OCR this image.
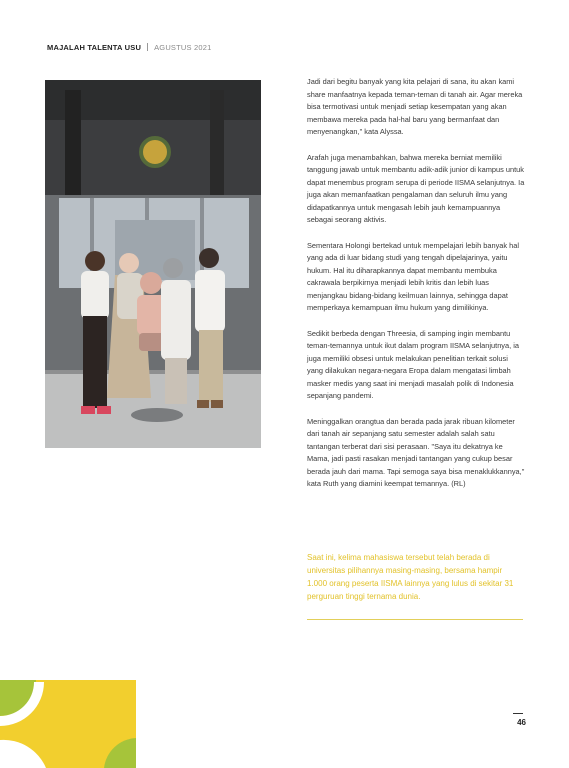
MAJALAH TALENTA USU AGUSTUS 2021

Jadi dari begitu banyak yang kita pelajari di sana, itu akan kami share manfaatnya kepada teman-teman di tanah air. Agar mereka bisa termotivasi untuk menjadi setiap kesempatan yang akan membawa mereka pada hal-hal baru yang bermanfaat dan menyenangkan," kata Alyssa.

Arafah juga menambahkan, bahwa mereka berniat memiliki tanggung jawab untuk membantu adik-adik junior di kampus untuk dapat menembus program serupa di periode IISMA selanjutnya. Ia juga akan memanfaatkan pengalaman dan seluruh ilmu yang didapatkannya untuk mengasah lebih jauh kemampuannya sebagai seorang aktivis.

Sementara Holongi bertekad untuk mempelajari lebih banyak hal yang ada di luar bidang studi yang tengah dipelajarinya, yaitu hukum. Hal itu diharapkannya dapat membantu membuka cakrawala berpikirnya menjadi lebih kritis dan lebih luas menjangkau bidang-bidang keilmuan lainnya, sehingga dapat memperkaya kemampuan ilmu hukum yang dimilikinya.

Sedikit berbeda dengan Threesia, di samping ingin membantu teman-temannya untuk ikut dalam program IISMA selanjutnya, ia juga memiliki obsesi untuk melakukan penelitian terkait solusi yang dilakukan negara-negara Eropa dalam mengatasi limbah masker medis yang saat ini menjadi masalah polik di Indonesia sepanjang pandemi.

Meninggalkan orangtua dan berada pada jarak ribuan kilometer dari tanah air sepanjang satu semester adalah salah satu tantangan terberat dari sisi perasaan. "Saya itu dekatnya ke Mama, jadi pasti rasakan menjadi tantangan yang cukup besar berada jauh dari mama. Tapi semoga saya bisa menaklukkannya," kata Ruth yang diamini keempat temannya. (RL)

Saat ini, kelima mahasiswa tersebut telah berada di universitas pilihannya masing-masing, bersama hampir 1.000 orang peserta IISMA lainnya yang lulus di sekitar 31 perguruan tinggi ternama dunia.
46
